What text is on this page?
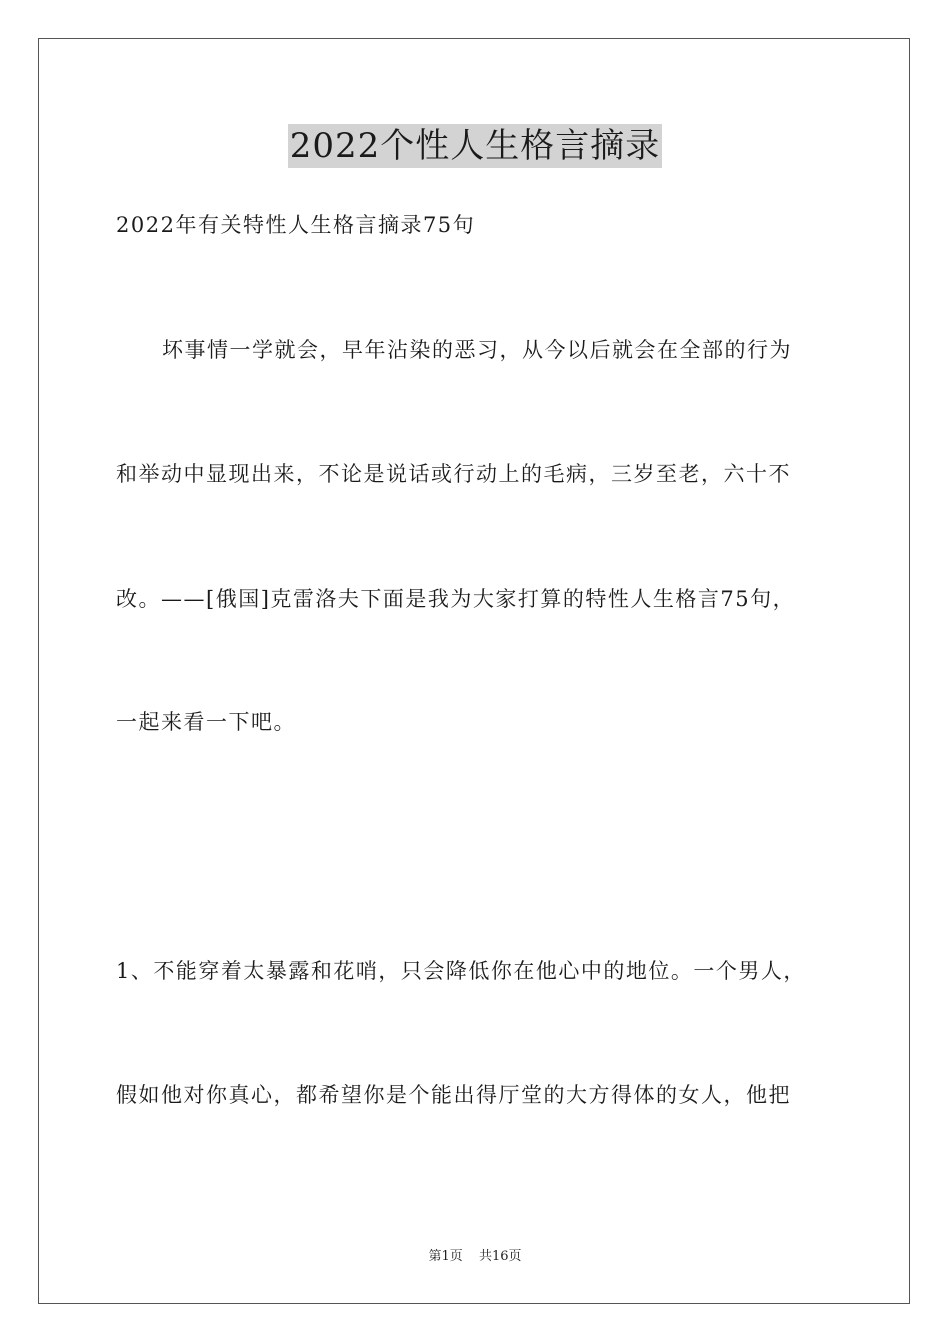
2022个性人生格言摘录
2022年有关特性人生格言摘录75句
坏事情一学就会，早年沾染的恶习，从今以后就会在全部的行为
和举动中显现出来，不论是说话或行动上的毛病，三岁至老，六十不
改。——[俄国]克雷洛夫下面是我为大家打算的特性人生格言75句，
一起来看一下吧。
1、不能穿着太暴露和花哨，只会降低你在他心中的地位。一个男人，
假如他对你真心，都希望你是个能出得厅堂的大方得体的女人，他把
第1页 共16页
